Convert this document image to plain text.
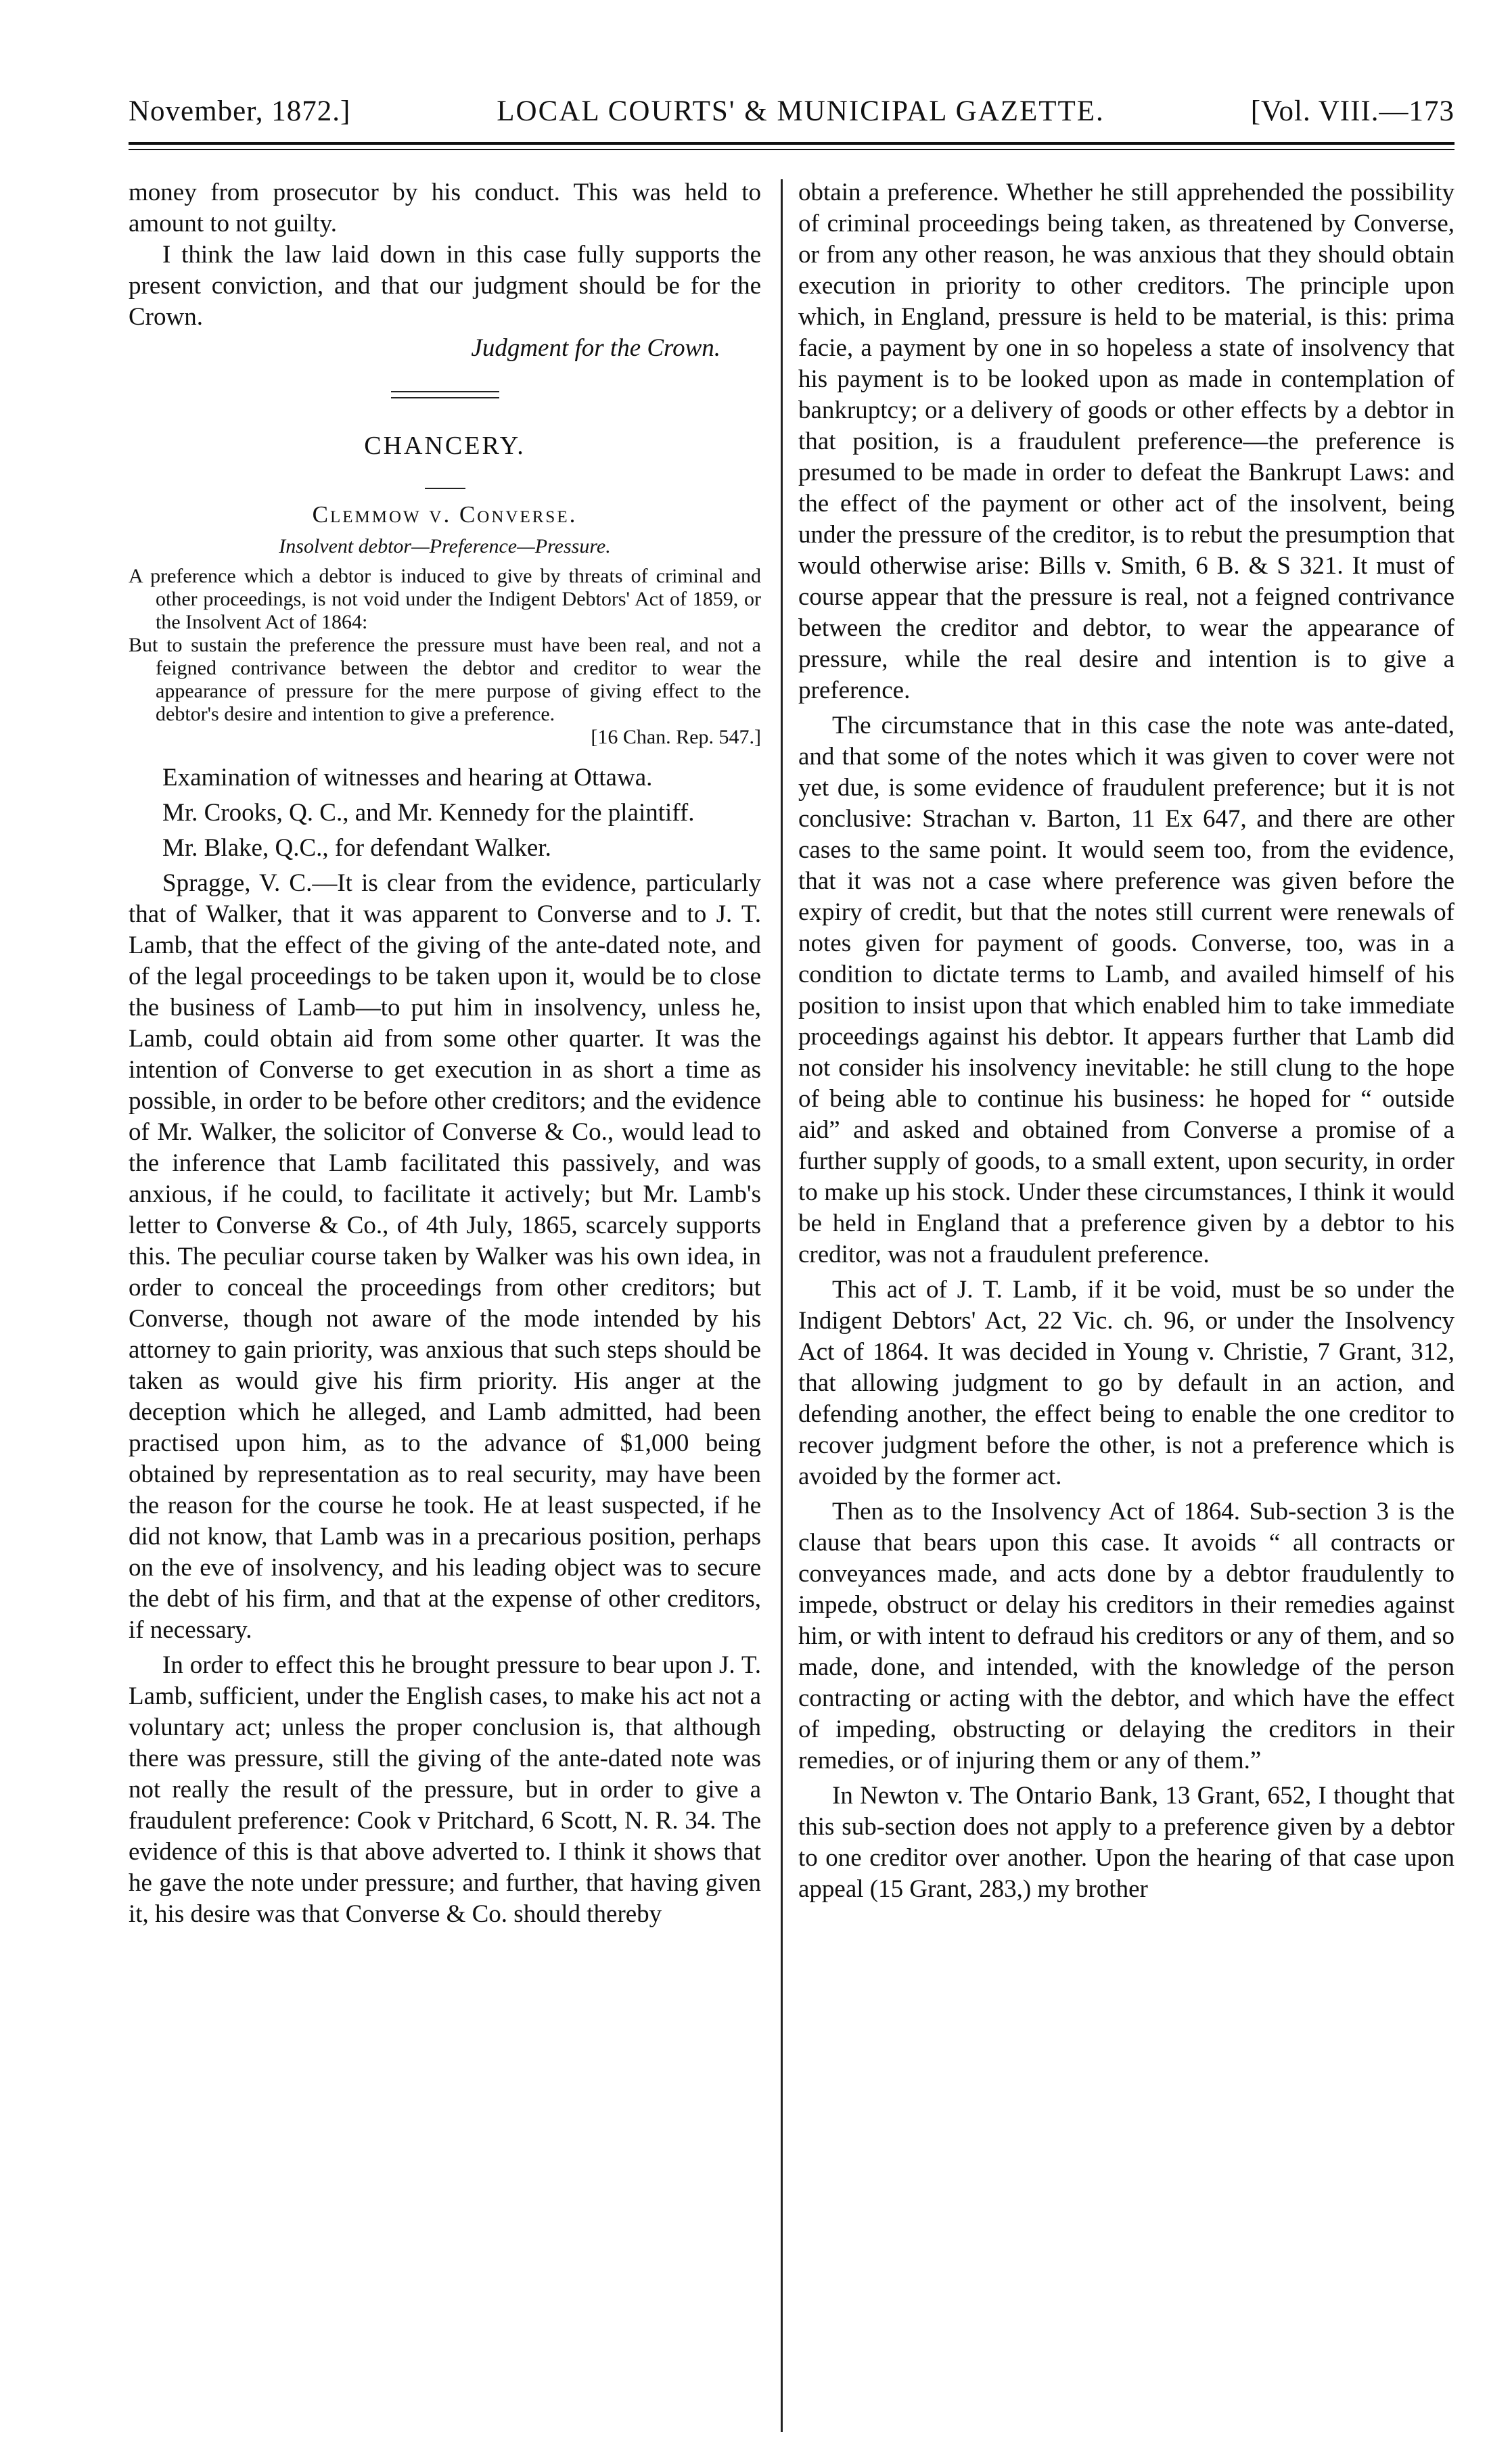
November, 1872.]	LOCAL COURTS' & MUNICIPAL GAZETTE.	[Vol. VIII.—173

money from prosecutor by his conduct. This was held to amount to not guilty.

I think the law laid down in this case fully supports the present conviction, and that our judgment should be for the Crown.

Judgment for the Crown.

CHANCERY.
Clemmow v. Converse.

Insolvent debtor—Preference—Pressure.

A preference which a debtor is induced to give by threats of criminal and other proceedings, is not void under the Indigent Debtors' Act of 1859, or the Insolvent Act of 1864:

But to sustain the preference the pressure must have been real, and not a feigned contrivance between the debtor and creditor to wear the appearance of pressure for the mere purpose of giving effect to the debtor's desire and intention to give a preference.

[16 Chan. Rep. 547.]

Examination of witnesses and hearing at Ottawa.

Mr. Crooks, Q. C., and Mr. Kennedy for the plaintiff.

Mr. Blake, Q.C., for defendant Walker.

Spragge, V. C.—It is clear from the evidence, particularly that of Walker, that it was apparent to Converse and to J. T. Lamb, that the effect of the giving of the ante-dated note, and of the legal proceedings to be taken upon it, would be to close the business of Lamb—to put him in insolvency, unless he, Lamb, could obtain aid from some other quarter. It was the intention of Converse to get execution in as short a time as possible, in order to be before other creditors; and the evidence of Mr. Walker, the solicitor of Converse & Co., would lead to the inference that Lamb facilitated this passively, and was anxious, if he could, to facilitate it actively; but Mr. Lamb's letter to Converse & Co., of 4th July, 1865, scarcely supports this. The peculiar course taken by Walker was his own idea, in order to conceal the proceedings from other creditors; but Converse, though not aware of the mode intended by his attorney to gain priority, was anxious that such steps should be taken as would give his firm priority. His anger at the deception which he alleged, and Lamb admitted, had been practised upon him, as to the advance of $1,000 being obtained by representation as to real security, may have been the reason for the course he took. He at least suspected, if he did not know, that Lamb was in a precarious position, perhaps on the eve of insolvency, and his leading object was to secure the debt of his firm, and that at the expense of other creditors, if necessary.

In order to effect this he brought pressure to bear upon J. T. Lamb, sufficient, under the English cases, to make his act not a voluntary act; unless the proper conclusion is, that although there was pressure, still the giving of the ante-dated note was not really the result of the pressure, but in order to give a fraudulent preference: Cook v Pritchard, 6 Scott, N. R. 34. The evidence of this is that above adverted to. I think it shows that he gave the note under pressure; and further, that having given it, his desire was that Converse & Co. should thereby

obtain a preference. Whether he still apprehended the possibility of criminal proceedings being taken, as threatened by Converse, or from any other reason, he was anxious that they should obtain execution in priority to other creditors. The principle upon which, in England, pressure is held to be material, is this: prima facie, a payment by one in so hopeless a state of insolvency that his payment is to be looked upon as made in contemplation of bankruptcy; or a delivery of goods or other effects by a debtor in that position, is a fraudulent preference—the preference is presumed to be made in order to defeat the Bankrupt Laws: and the effect of the payment or other act of the insolvent, being under the pressure of the creditor, is to rebut the presumption that would otherwise arise: Bills v. Smith, 6 B. & S 321. It must of course appear that the pressure is real, not a feigned contrivance between the creditor and debtor, to wear the appearance of pressure, while the real desire and intention is to give a preference.

The circumstance that in this case the note was ante-dated, and that some of the notes which it was given to cover were not yet due, is some evidence of fraudulent preference; but it is not conclusive: Strachan v. Barton, 11 Ex 647, and there are other cases to the same point. It would seem too, from the evidence, that it was not a case where preference was given before the expiry of credit, but that the notes still current were renewals of notes given for payment of goods. Converse, too, was in a condition to dictate terms to Lamb, and availed himself of his position to insist upon that which enabled him to take immediate proceedings against his debtor. It appears further that Lamb did not consider his insolvency inevitable: he still clung to the hope of being able to continue his business: he hoped for “ outside aid” and asked and obtained from Converse a promise of a further supply of goods, to a small extent, upon security, in order to make up his stock. Under these circumstances, I think it would be held in England that a preference given by a debtor to his creditor, was not a fraudulent preference.

This act of J. T. Lamb, if it be void, must be so under the Indigent Debtors' Act, 22 Vic. ch. 96, or under the Insolvency Act of 1864. It was decided in Young v. Christie, 7 Grant, 312, that allowing judgment to go by default in an action, and defending another, the effect being to enable the one creditor to recover judgment before the other, is not a preference which is avoided by the former act.

Then as to the Insolvency Act of 1864. Sub-section 3 is the clause that bears upon this case. It avoids “ all contracts or conveyances made, and acts done by a debtor fraudulently to impede, obstruct or delay his creditors in their remedies against him, or with intent to defraud his creditors or any of them, and so made, done, and intended, with the knowledge of the person contracting or acting with the debtor, and which have the effect of impeding, obstructing or delaying the creditors in their remedies, or of injuring them or any of them.”

In Newton v. The Ontario Bank, 13 Grant, 652, I thought that this sub-section does not apply to a preference given by a debtor to one creditor over another. Upon the hearing of that case upon appeal (15 Grant, 283,) my brother
